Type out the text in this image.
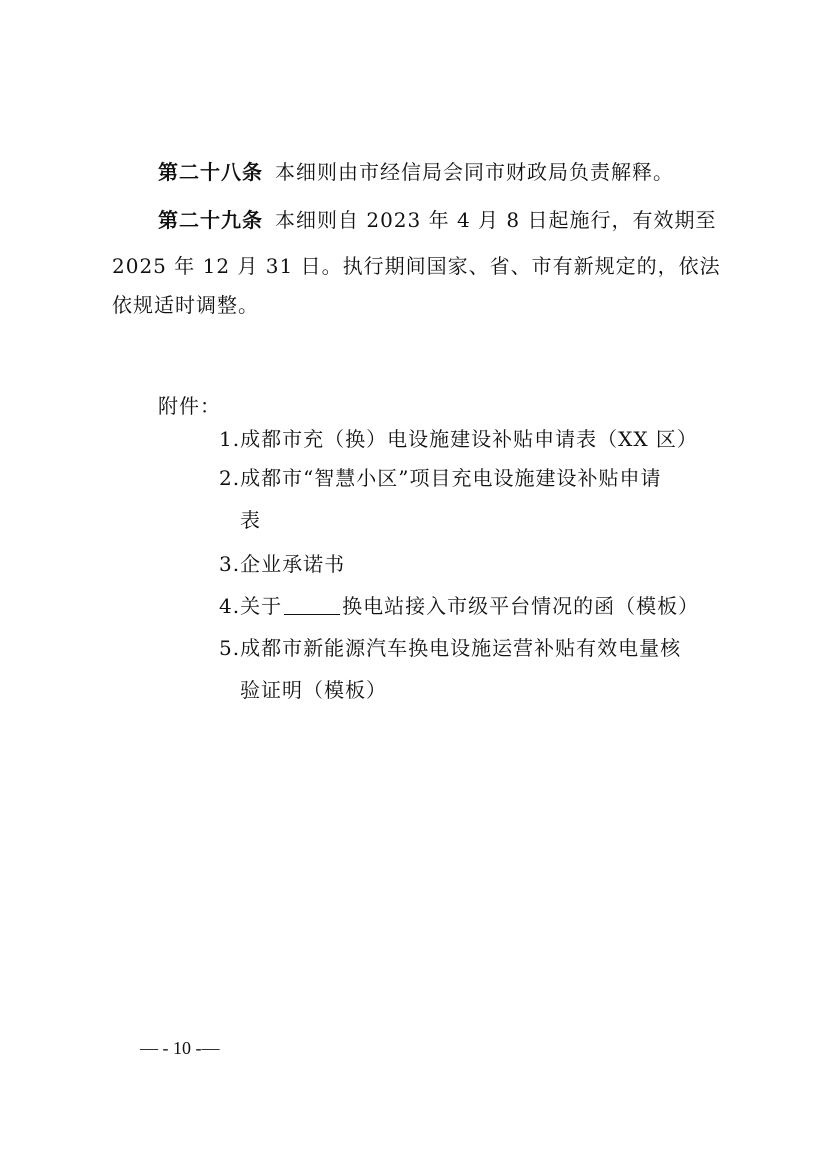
第二十八条 本细则由市经信局会同市财政局负责解释。
第二十九条 本细则自 2023 年 4 月 8 日起施行，有效期至
2025 年 12 月 31 日。执行期间国家、省、市有新规定的，依法
依规适时调整。
附件：
1.成都市充（换）电设施建设补贴申请表（XX 区）
2.成都市“智慧小区”项目充电设施建设补贴申请
表
3.企业承诺书
4.关于	换电站接入市级平台情况的函（模板）
5.成都市新能源汽车换电设施运营补贴有效电量核
验证明（模板）
— - 10 -—
